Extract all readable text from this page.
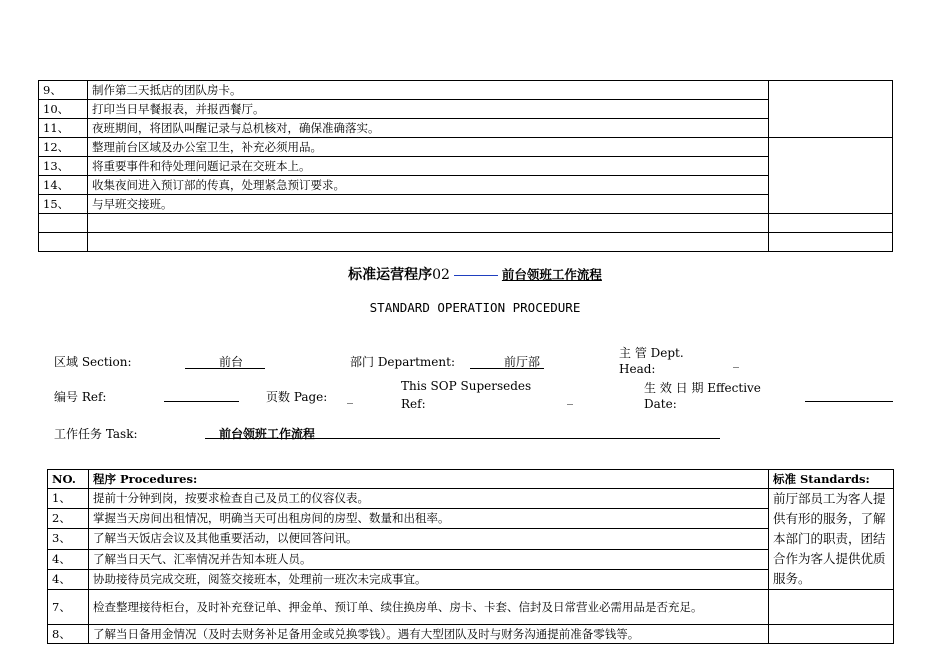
9、	制作第二天抵店的团队房卡。	
10、	打印当日早餐报表，并报西餐厅。	
11、	夜班期间，将团队叫醒记录与总机核对，确保准确落实。	
12、	整理前台区域及办公室卫生，补充必须用品。	
13、	将重要事件和待处理问题记录在交班本上。	
14、	收集夜间进入预订部的传真，处理紧急预订要求。	
15、	与早班交接班。	

标准运营程序02	前台领班工作流程
STANDARD OPERATION PROCEDURE
区域 Section:	前台	部门 Department:	前厅部
主 管 Dept.
Head:
_
编号 Ref:	页数 Page: _
This SOP Supersedes
Ref:	_
生 效 日 期 Effective
Date:
工作任务 Task:	前台领班工作流程
NO.	程序 Procedures:	标准 Standards:
1、	提前十分钟到岗，按要求检查自己及员工的仪容仪表。	前厅部员工为客人提供有形的服务，了解本部门的职责，团结合作为客人提供优质服务。
2、	掌握当天房间出租情况，明确当天可出租房间的房型、数量和出租率。	
3、	了解当天饭店会议及其他重要活动，以便回答问讯。	
4、	了解当日天气、汇率情况并告知本班人员。	
4、	协助接待员完成交班，阅签交接班本，处理前一班次未完成事宜。	
7、	检查整理接待柜台，及时补充登记单、押金单、预订单、续住换房单、房卡、卡套、信封及日常营业必需用品是否充足。	
8、	了解当日备用金情况（及时去财务补足备用金或兑换零钱）。遇有大型团队及时与财务沟通提前准备零钱等。	
